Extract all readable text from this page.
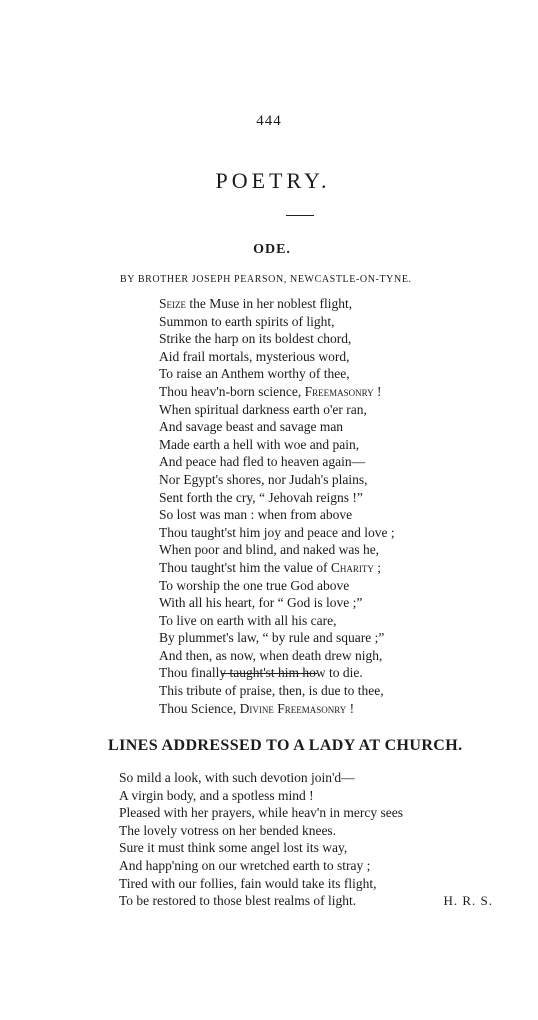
444
POETRY.
ODE.
BY BROTHER JOSEPH PEARSON, NEWCASTLE-ON-TYNE.
Seize the Muse in her noblest flight,
Summon to earth spirits of light,
Strike the harp on its boldest chord,
Aid frail mortals, mysterious word,
To raise an Anthem worthy of thee,
Thou heav'n-born science, Freemasonry !
When spiritual darkness earth o'er ran,
And savage beast and savage man
Made earth a hell with woe and pain,
And peace had fled to heaven again—
Nor Egypt's shores, nor Judah's plains,
Sent forth the cry, “ Jehovah reigns !”
So lost was man : when from above
Thou taught'st him joy and peace and love ;
When poor and blind, and naked was he,
Thou taught'st him the value of Charity ;
To worship the one true God above
With all his heart, for “ God is love ;”
To live on earth with all his care,
By plummet's law, “ by rule and square ;”
And then, as now, when death drew nigh,
Thou finally taught'st him how to die.
This tribute of praise, then, is due to thee,
Thou Science, Divine Freemasonry !
LINES ADDRESSED TO A LADY AT CHURCH.
So mild a look, with such devotion join'd—
A virgin body, and a spotless mind !
Pleased with her prayers, while heav'n in mercy sees
The lovely votress on her bended knees.
Sure it must think some angel lost its way,
And happ'ning on our wretched earth to stray ;
Tired with our follies, fain would take its flight,
To be restored to those blest realms of light.	H. R. S.
